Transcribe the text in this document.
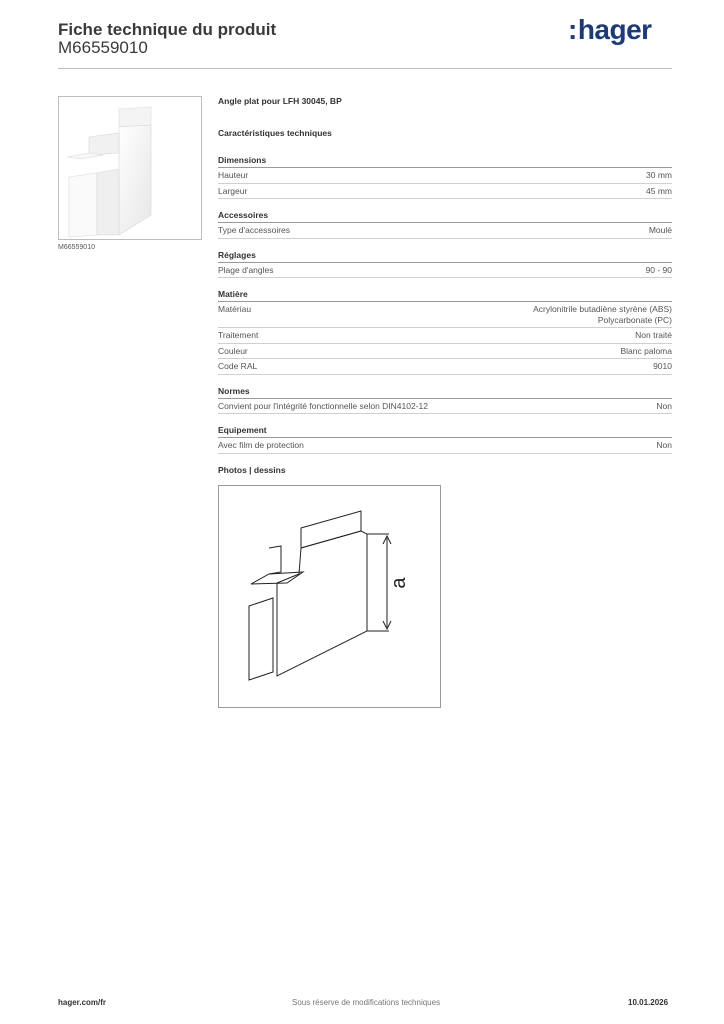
Fiche technique du produit
M66559010
:hager
M66559010
Angle plat pour LFH 30045, BP
Caractéristiques techniques
Dimensions
Hauteur	30 mm
Largeur	45 mm
Accessoires
Type d'accessoires	Moulé
Réglages
Plage d'angles	90 - 90
Matière
Matériau	Acrylonitrile butadiène styrène (ABS)
Polycarbonate (PC)
Traitement	Non traité
Couleur	Blanc paloma
Code RAL	9010
Normes
Convient pour l'intégrité fonctionnelle selon DIN4102-12	Non
Equipement
Avec film de protection	Non
Photos | dessins
a
hager.com/fr	Sous réserve de modifications techniques	10.01.2026
